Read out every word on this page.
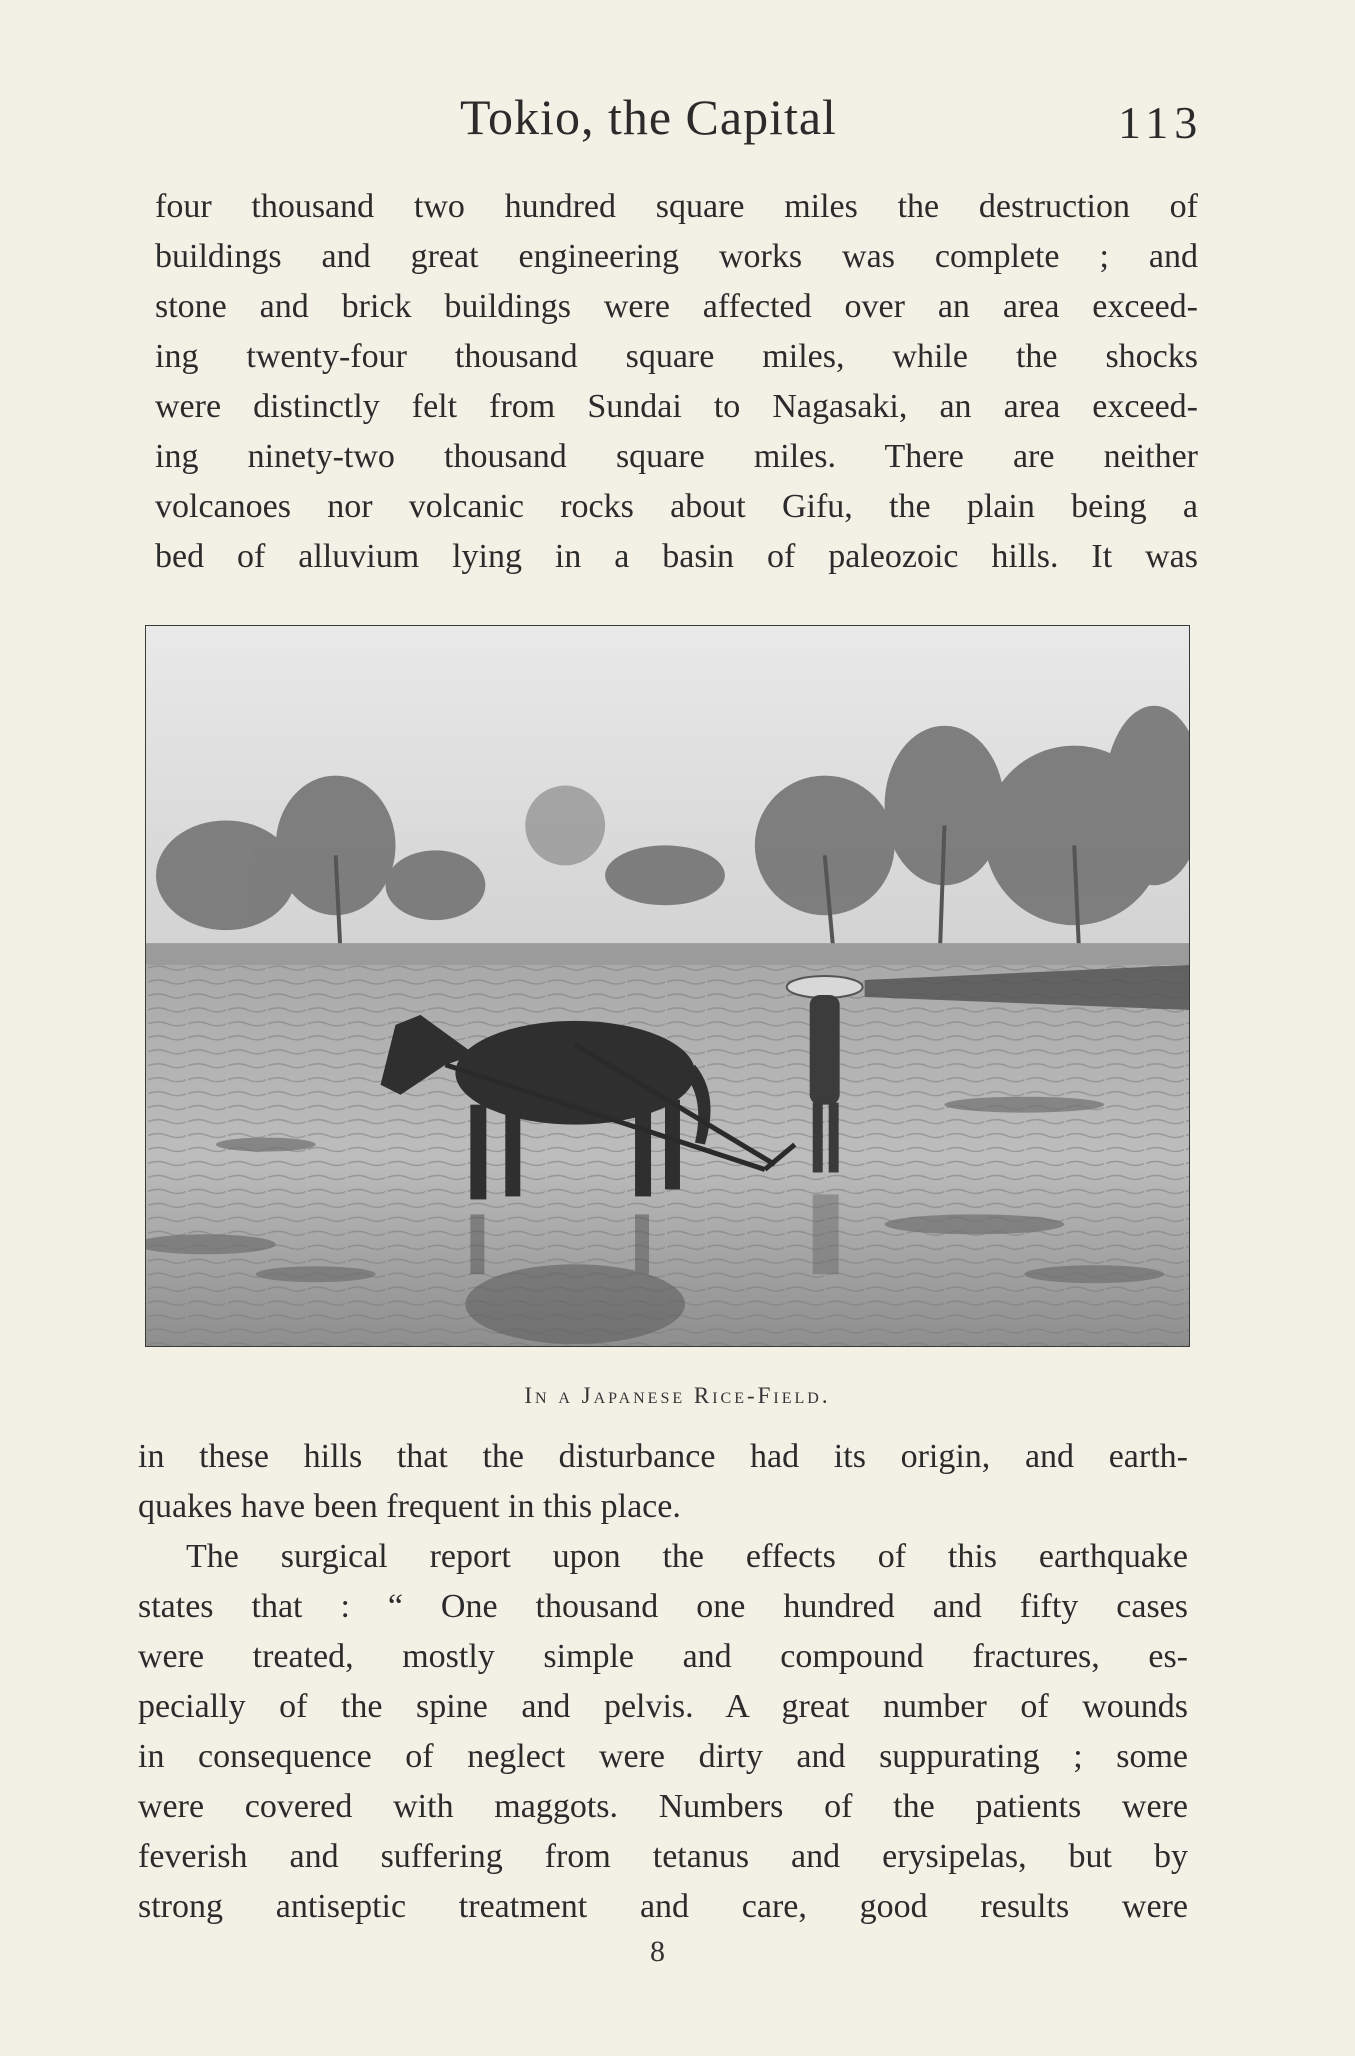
Tokio, the Capital	113
four thousand two hundred square miles the destruction of
buildings and great engineering works was complete ; and
stone and brick buildings were affected over an area exceed-
ing twenty-four thousand square miles, while the shocks
were distinctly felt from Sundai to Nagasaki, an area exceed-
ing ninety-two thousand square miles. There are neither
volcanoes nor volcanic rocks about Gifu, the plain being a
bed of alluvium lying in a basin of paleozoic hills. It was
In a Japanese Rice-Field.
in these hills that the disturbance had its origin, and earth-
quakes have been frequent in this place.
The surgical report upon the effects of this earthquake
states that : “ One thousand one hundred and fifty cases
were treated, mostly simple and compound fractures, es-
pecially of the spine and pelvis. A great number of wounds
in consequence of neglect were dirty and suppurating ; some
were covered with maggots. Numbers of the patients were
feverish and suffering from tetanus and erysipelas, but by
strong antiseptic treatment and care, good results were
8
